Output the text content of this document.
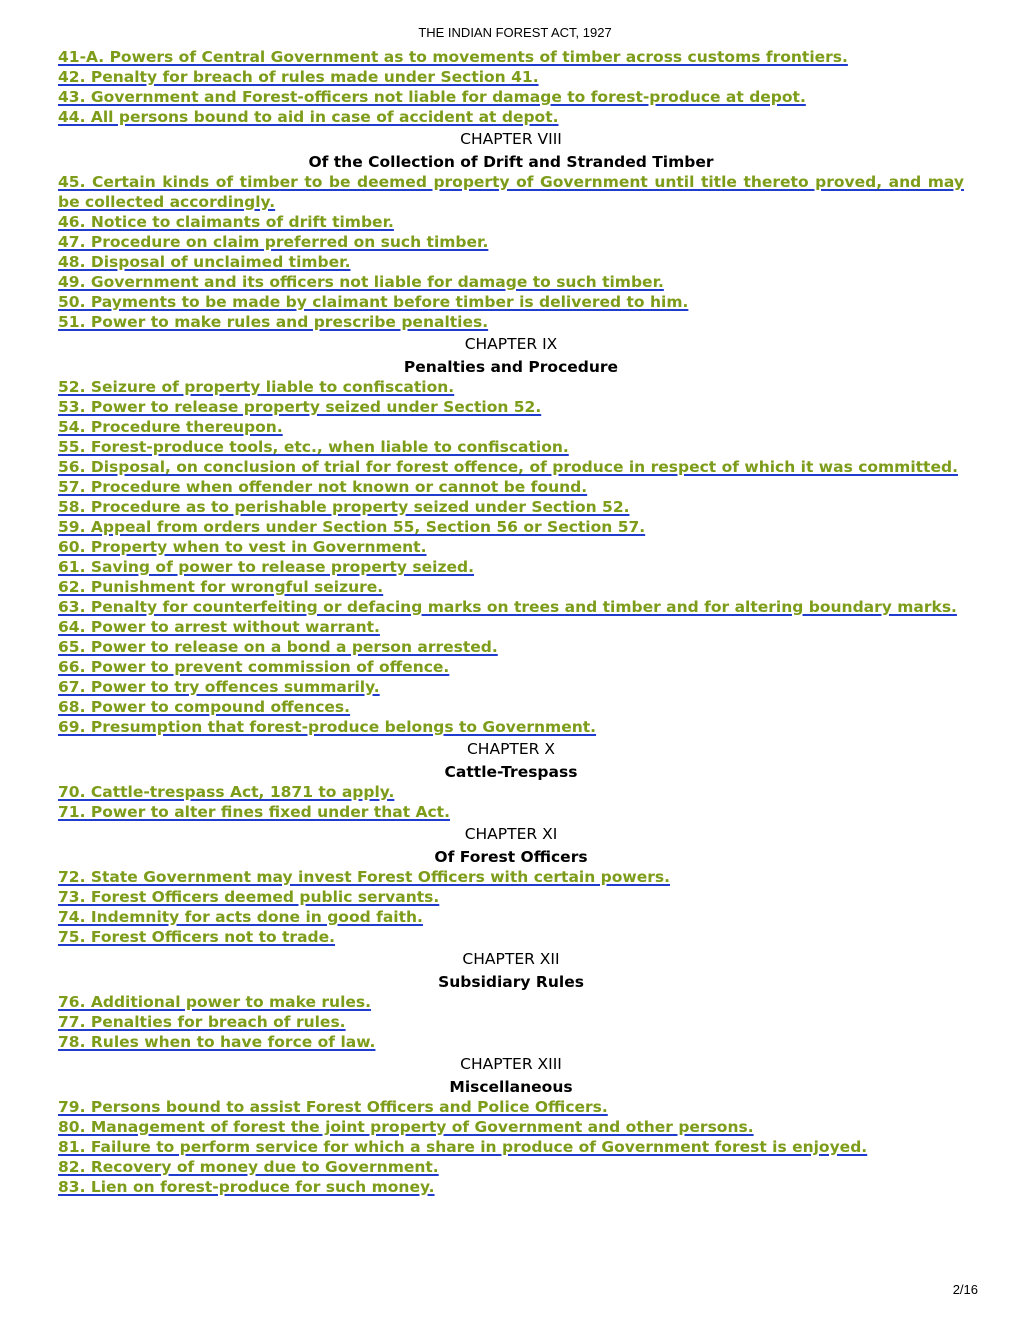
THE INDIAN FOREST ACT, 1927
41-A. Powers of Central Government as to movements of timber across customs frontiers.
42. Penalty for breach of rules made under Section 41.
43. Government and Forest-officers not liable for damage to forest-produce at depot.
44. All persons bound to aid in case of accident at depot.
CHAPTER VIII
Of the Collection of Drift and Stranded Timber
45. Certain kinds of timber to be deemed property of Government until title thereto proved, and may be collected accordingly.
46. Notice to claimants of drift timber.
47. Procedure on claim preferred on such timber.
48. Disposal of unclaimed timber.
49. Government and its officers not liable for damage to such timber.
50. Payments to be made by claimant before timber is delivered to him.
51. Power to make rules and prescribe penalties.
CHAPTER IX
Penalties and Procedure
52. Seizure of property liable to confiscation.
53. Power to release property seized under Section 52.
54. Procedure thereupon.
55. Forest-produce tools, etc., when liable to confiscation.
56. Disposal, on conclusion of trial for forest offence, of produce in respect of which it was committed.
57. Procedure when offender not known or cannot be found.
58. Procedure as to perishable property seized under Section 52.
59. Appeal from orders under Section 55, Section 56 or Section 57.
60. Property when to vest in Government.
61. Saving of power to release property seized.
62. Punishment for wrongful seizure.
63. Penalty for counterfeiting or defacing marks on trees and timber and for altering boundary marks.
64. Power to arrest without warrant.
65. Power to release on a bond a person arrested.
66. Power to prevent commission of offence.
67. Power to try offences summarily.
68. Power to compound offences.
69. Presumption that forest-produce belongs to Government.
CHAPTER X
Cattle-Trespass
70. Cattle-trespass Act, 1871 to apply.
71. Power to alter fines fixed under that Act.
CHAPTER XI
Of Forest Officers
72. State Government may invest Forest Officers with certain powers.
73. Forest Officers deemed public servants.
74. Indemnity for acts done in good faith.
75. Forest Officers not to trade.
CHAPTER XII
Subsidiary Rules
76. Additional power to make rules.
77. Penalties for breach of rules.
78. Rules when to have force of law.
CHAPTER XIII
Miscellaneous
79. Persons bound to assist Forest Officers and Police Officers.
80. Management of forest the joint property of Government and other persons.
81. Failure to perform service for which a share in produce of Government forest is enjoyed.
82. Recovery of money due to Government.
83. Lien on forest-produce for such money.
2/16
